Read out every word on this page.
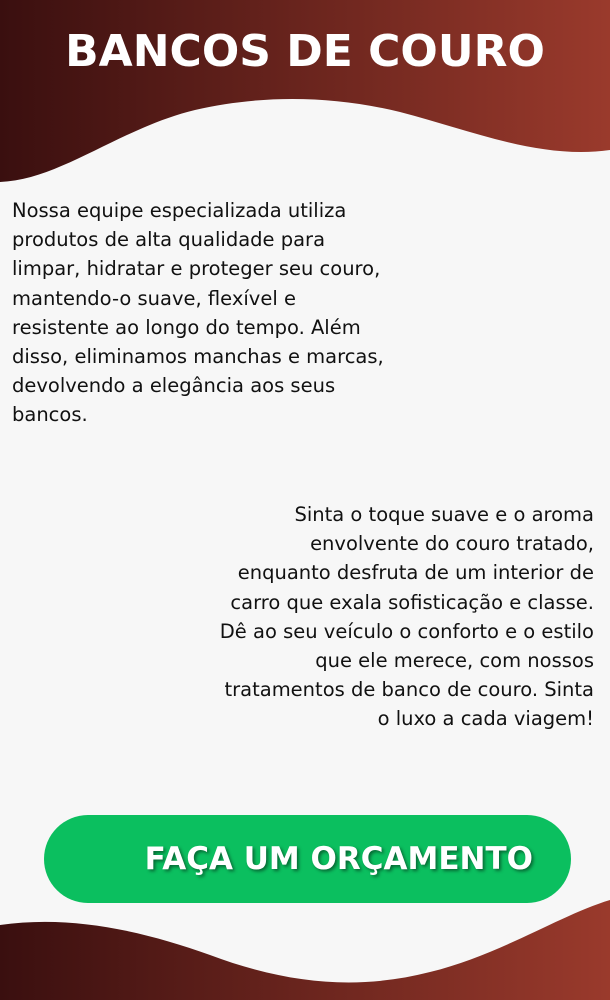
BANCOS DE COURO

Nossa equipe especializada utiliza produtos de alta qualidade para limpar, hidratar e proteger seu couro, mantendo-o suave, flexível e resistente ao longo do tempo. Além disso, eliminamos manchas e marcas, devolvendo a elegância aos seus bancos.

Sinta o toque suave e o aroma envolvente do couro tratado, enquanto desfruta de um interior de carro que exala sofisticação e classe. Dê ao seu veículo o conforto e o estilo que ele merece, com nossos tratamentos de banco de couro. Sinta o luxo a cada viagem!

FAÇA UM ORÇAMENTO
